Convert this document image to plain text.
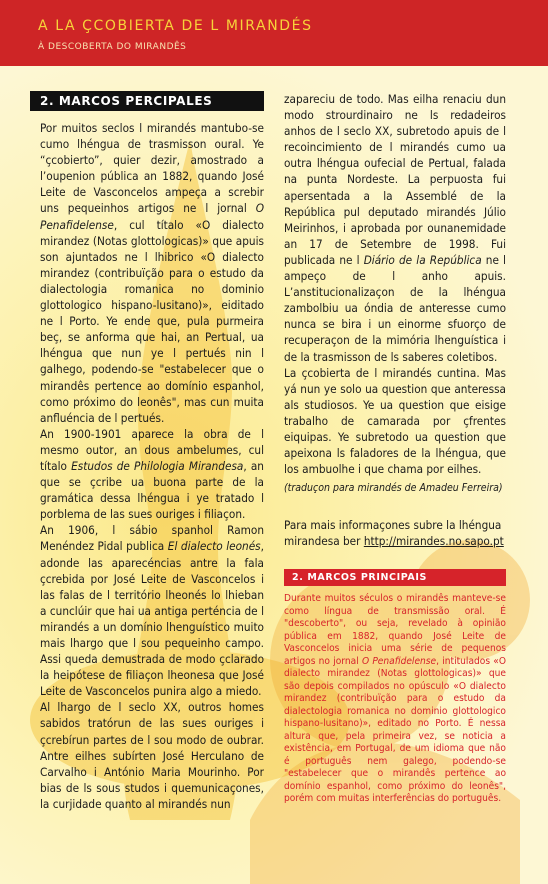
A LA ÇCOBIERTA DE L MIRANDÉS
À DESCOBERTA DO MIRANDÊS
2. MARCOS PERCIPALES

Por muitos seclos l mirandés mantubo-se cumo lhéngua de trasmisson oural. Ye “çcobierto”, quier dezir, amostrado a l’oupenion pública an 1882, quando José Leite de Vasconcelos ampeça a screbir uns pequeinhos artigos ne l jornal O Penafidelense, cul títalo «O dialecto mirandez (Notas glottologicas)» que apuis son ajuntados ne l lhibrico «O dialecto mirandez (contribuïção para o estudo da dialectologia romanica no dominio glottologico hispano-lusitano)», eiditado ne l Porto. Ye ende que, pula purmeira beç, se anforma que hai, an Pertual, ua lhéngua que nun ye l pertués nin l galhego, podendo-se "estabelecer que o mirandês pertence ao domínio espanhol, como próximo do leonês", mas cun muita anfluéncia de l pertués.

An 1900-1901 aparece la obra de l mesmo outor, an dous ambelumes, cul títalo Estudos de Philologia Mirandesa, an que se çcribe ua buona parte de la gramática dessa lhéngua i ye tratado l porblema de las sues ouriges i filiaçon.

An 1906, l sábio spanhol Ramon Menéndez Pidal publica El dialecto leonés, adonde las aparecéncias antre la fala çcrebida por José Leite de Vasconcelos i las falas de l território lheonés lo lhieban a cunclúir que hai ua antiga perténcia de l mirandés a un domínio lhenguístico muito mais lhargo que l sou pequeinho campo. Assi queda demustrada de modo çclarado la heipótese de filiaçon lheonesa que José Leite de Vasconcelos punira algo a miedo.

Al lhargo de l seclo XX, outros homes sabidos tratórun de las sues ouriges i çcrebírun partes de l sou modo de oubrar. Antre eilhes subírten José Herculano de Carvalho i António Maria Mourinho. Por bias de ls sous studos i quemunicaçones, la curjidade quanto al mirandés nun

zapareciu de todo. Mas eilha renaciu dun modo strourdinairo ne ls redadeiros anhos de l seclo XX, subretodo apuis de l recoincimiento de l mirandés cumo ua outra lhéngua oufecial de Pertual, falada na punta Nordeste. La perpuosta fui apersentada a la Assemblé de la República pul deputado mirandés Júlio Meirinhos, i aprobada por ounanemidade an 17 de Setembre de 1998. Fui publicada ne l Diário de la República ne l ampeço de l anho apuis. L’anstitucionalizaçon de la lhéngua zambolbiu ua óndia de anteresse cumo nunca se bira i un einorme sfuorço de recuperaçon de la mimória lhenguística i de la trasmisson de ls saberes coletibos.

La çcobierta de l mirandés cuntina. Mas yá nun ye solo ua question que anteressa als studiosos. Ye ua question que eisige trabalho de camarada por çfrentes eiquipas. Ye subretodo ua question que apeixona ls faladores de la lhéngua, que los ambuolhe i que chama por eilhes.

(traduçon para mirandés de Amadeu Ferreira)

Para mais informaçones subre la lhéngua mirandesa ber http://mirandes.no.sapo.pt

2. MARCOS PRINCIPAIS

Durante muitos séculos o mirandês manteve-se como língua de transmissão oral. É "descoberto", ou seja, revelado à opinião pública em 1882, quando José Leite de Vasconcelos inicia uma série de pequenos artigos no jornal O Penafidelense, intitulados «O dialecto mirandez (Notas glottologicas)» que são depois compilados no opúsculo «O dialecto mirandez (contribuïção para o estudo da dialectologia romanica no dominio glottologico hispano-lusitano)», editado no Porto. É nessa altura que, pela primeira vez, se noticia a existência, em Portugal, de um idioma que não é português nem galego, podendo-se "estabelecer que o mirandês pertence ao domínio espanhol, como próximo do leonês", porém com muitas interferências do português.
